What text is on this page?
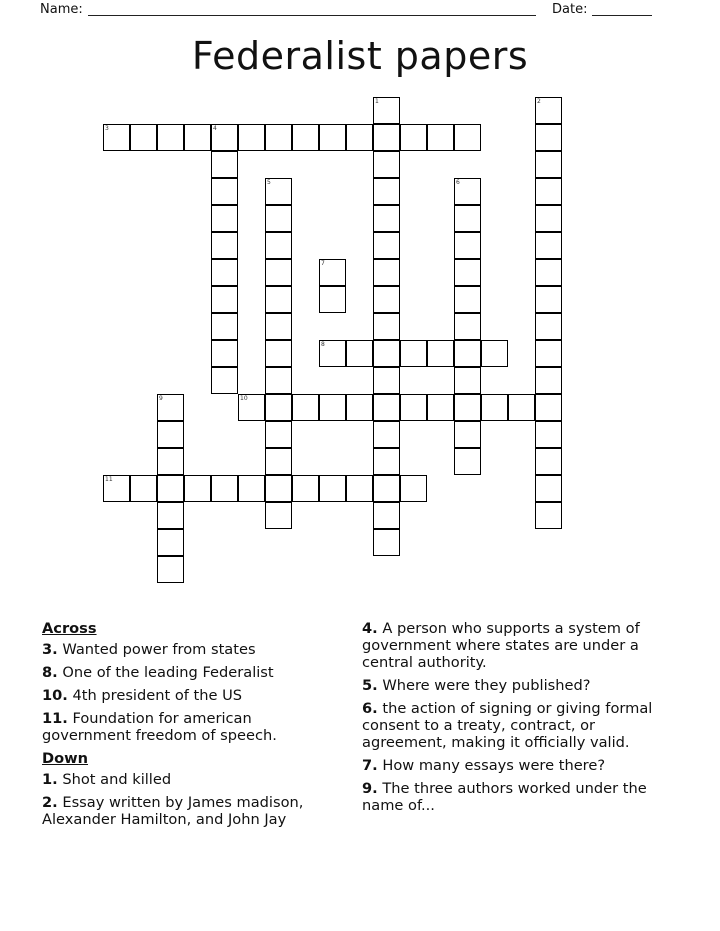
Name:	Date:
Federalist papers
1	2
3	4
5	6
7
8
9	10
11
Across
3. Wanted power from states
8. One of the leading Federalist
10. 4th president of the US
11. Foundation for american government freedom of speech.
Down
1. Shot and killed
2. Essay written by James madison, Alexander Hamilton, and John Jay
4. A person who supports a system of government where states are under a central authority.
5. Where were they published?
6. the action of signing or giving formal consent to a treaty, contract, or agreement, making it officially valid.
7. How many essays were there?
9. The three authors worked under the name of...
